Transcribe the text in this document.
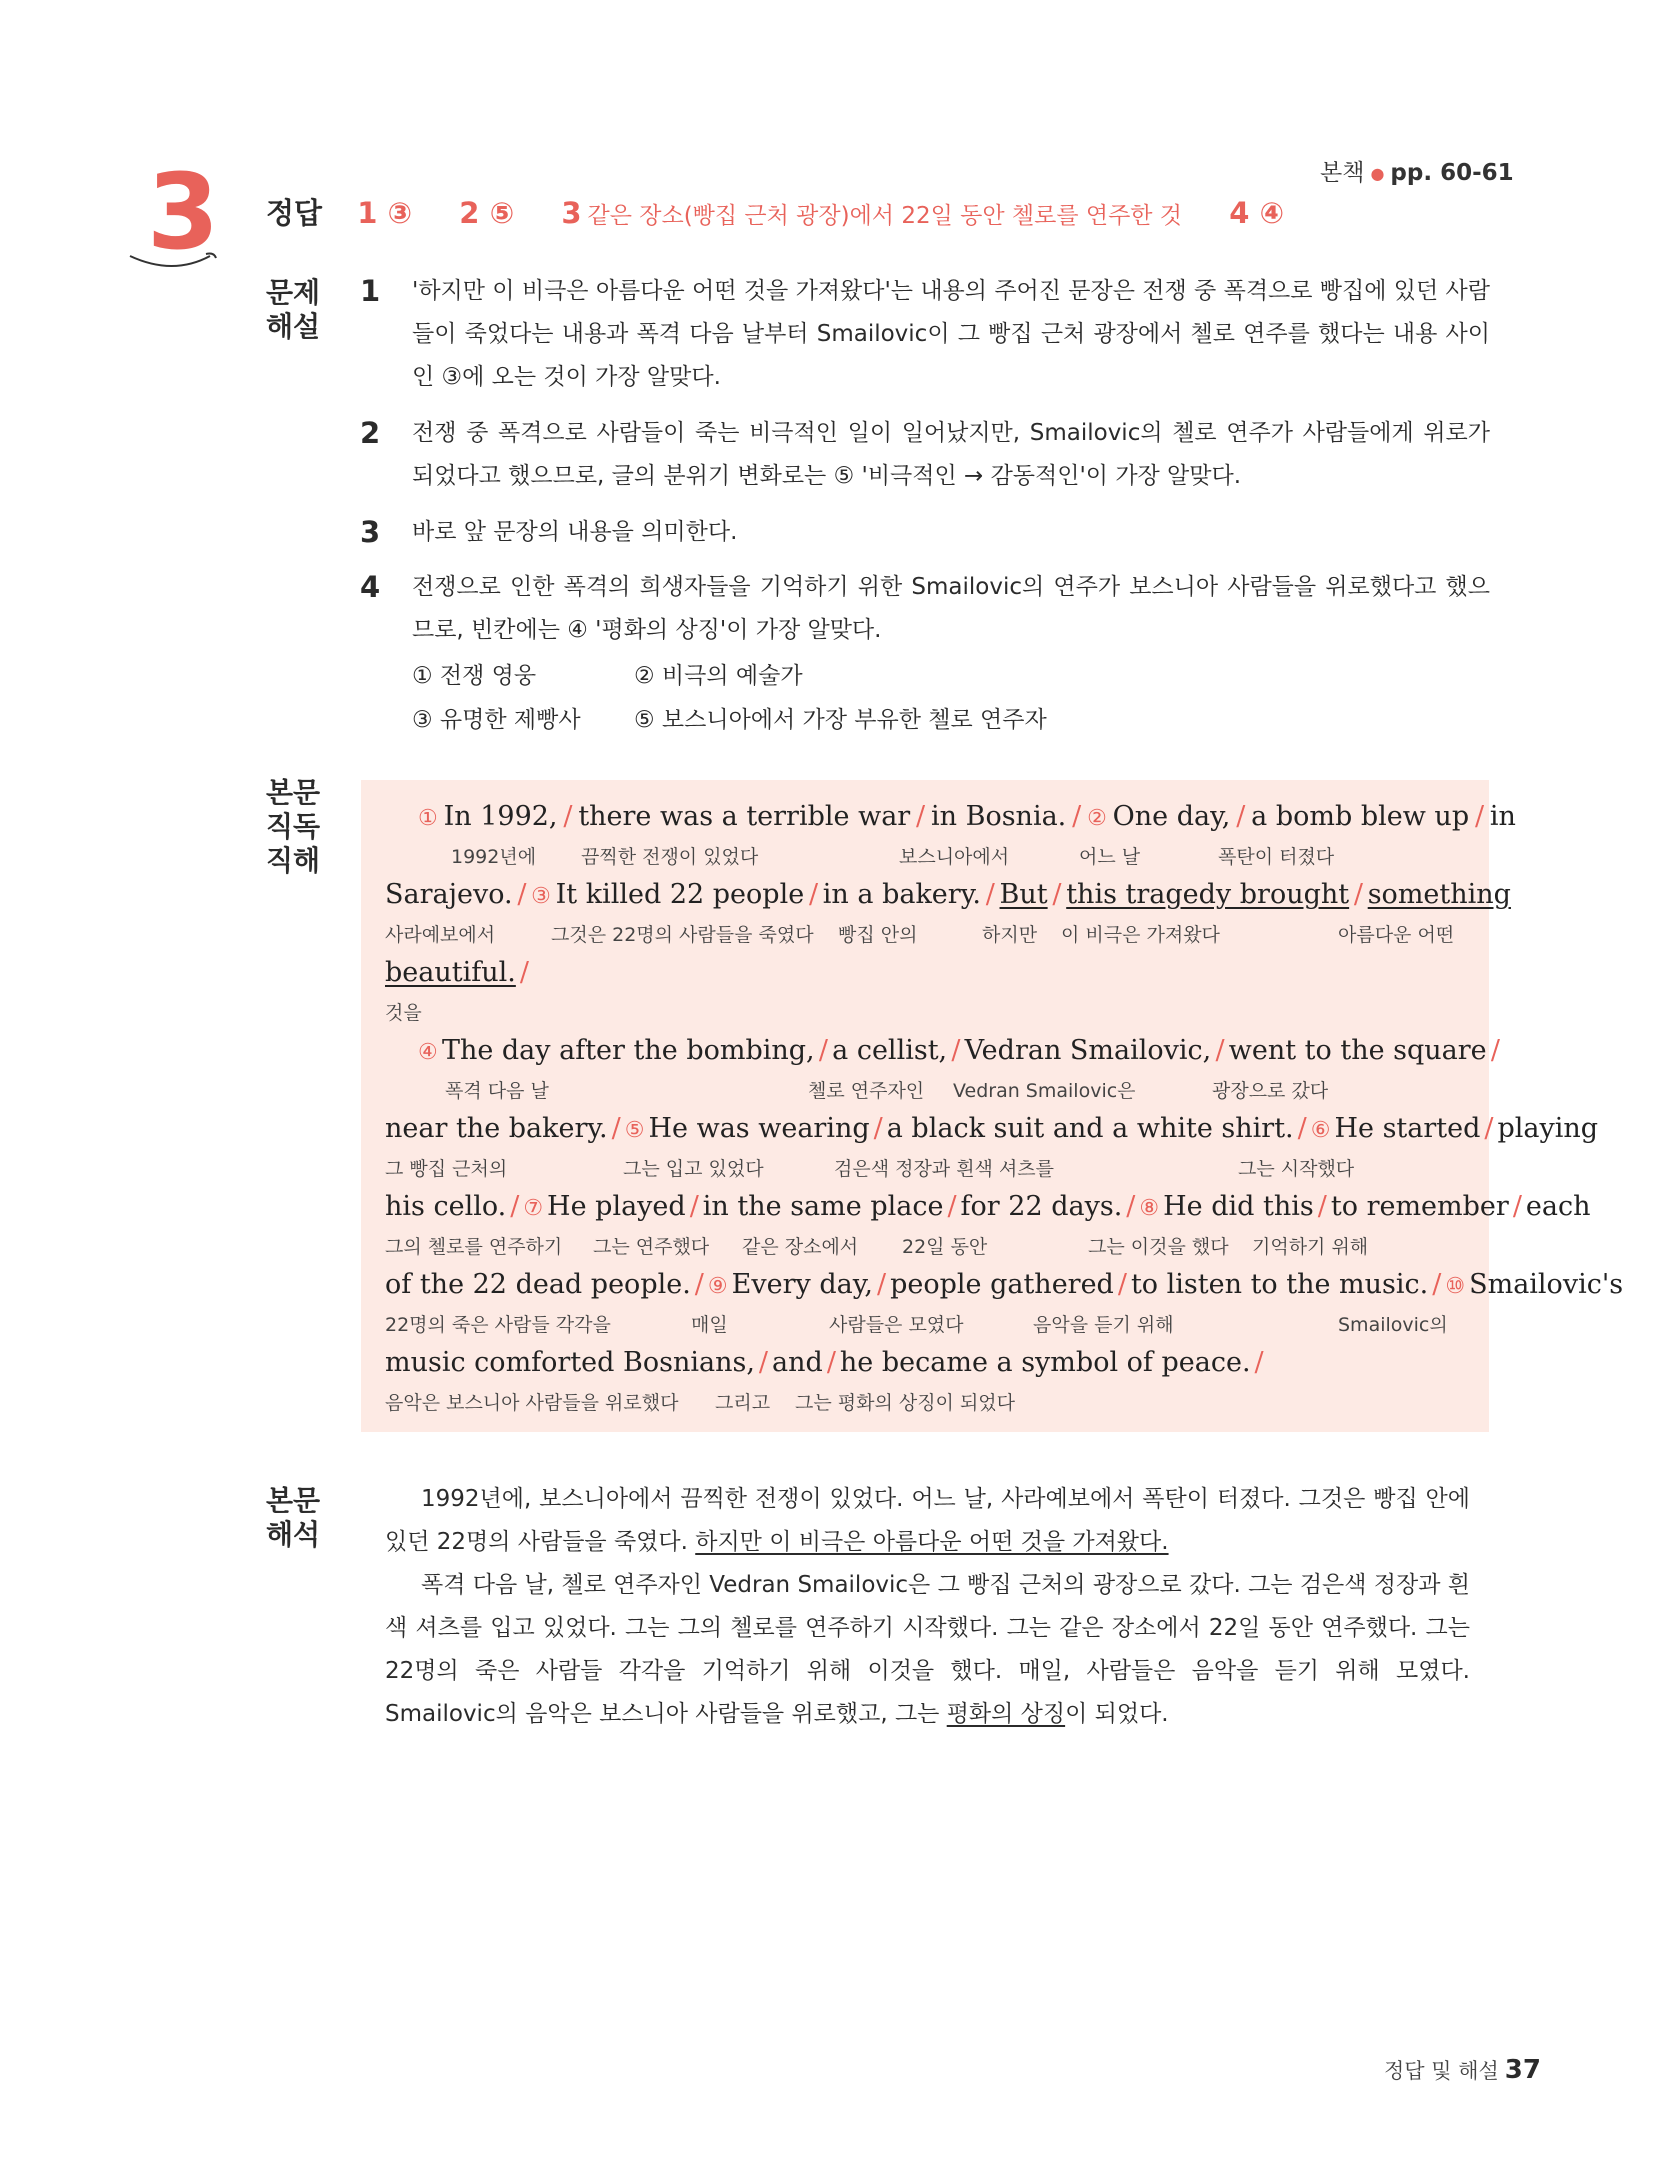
본책 ● pp. 60-61
3	정답 1 ③ 2 ⑤ 3 같은 장소(빵집 근처 광장)에서 22일 동안 첼로를 연주한 것 4 ④
문제
해설
1 '하지만 이 비극은 아름다운 어떤 것을 가져왔다'는 내용의 주어진 문장은 전쟁 중 폭격으로 빵집에 있던 사람들이 죽었다는 내용과 폭격 다음 날부터 Smailovic이 그 빵집 근처 광장에서 첼로 연주를 했다는 내용 사이인 ③에 오는 것이 가장 알맞다.
2 전쟁 중 폭격으로 사람들이 죽는 비극적인 일이 일어났지만, Smailovic의 첼로 연주가 사람들에게 위로가 되었다고 했으므로, 글의 분위기 변화로는 ⑤ '비극적인 → 감동적인'이 가장 알맞다.
3 바로 앞 문장의 내용을 의미한다.
4 전쟁으로 인한 폭격의 희생자들을 기억하기 위한 Smailovic의 연주가 보스니아 사람들을 위로했다고 했으므로, 빈칸에는 ④ '평화의 상징'이 가장 알맞다.
① 전쟁 영웅	② 비극의 예술가
③ 유명한 제빵사 ⑤ 보스니아에서 가장 부유한 첼로 연주자
본문
직독
직해
① In 1992, / there was a terrible war / in Bosnia. / ② One day, / a bomb blew up / in
1992년에 끔찍한 전쟁이 있었다	보스니아에서	어느 날	폭탄이 터졌다
Sarajevo. / ③ It killed 22 people / in a bakery. / But / this tragedy brought / something
사라예보에서	그것은 22명의 사람들을 죽였다 빵집 안의	하지만 이 비극은 가져왔다	아름다운 어떤
beautiful. /
것을
④ The day after the bombing, / a cellist, / Vedran Smailovic, / went to the square /
폭격 다음 날	첼로 연주자인 Vedran Smailovic은	광장으로 갔다
near the bakery. / ⑤ He was wearing / a black suit and a white shirt. / ⑥ He started / playing
그 빵집 근처의	그는 입고 있었다	검은색 정장과 흰색 셔츠를	그는 시작했다
his cello. / ⑦ He played / in the same place / for 22 days. / ⑧ He did this / to remember / each
그의 첼로를 연주하기 그는 연주했다 같은 장소에서 22일 동안	그는 이것을 했다 기억하기 위해
of the 22 dead people. / ⑨ Every day, / people gathered / to listen to the music. / ⑩ Smailovic's
22명의 죽은 사람들 각각을	매일	사람들은 모였다	음악을 듣기 위해	Smailovic의
music comforted Bosnians, / and / he became a symbol of peace. /
음악은 보스니아 사람들을 위로했다 그리고 그는 평화의 상징이 되었다
본문
해석
1992년에, 보스니아에서 끔찍한 전쟁이 있었다. 어느 날, 사라예보에서 폭탄이 터졌다. 그것은 빵집 안에 있던 22명의 사람들을 죽였다. 하지만 이 비극은 아름다운 어떤 것을 가져왔다.
폭격 다음 날, 첼로 연주자인 Vedran Smailovic은 그 빵집 근처의 광장으로 갔다. 그는 검은색 정장과 흰색 셔츠를 입고 있었다. 그는 그의 첼로를 연주하기 시작했다. 그는 같은 장소에서 22일 동안 연주했다. 그는 22명의 죽은 사람들 각각을 기억하기 위해 이것을 했다. 매일, 사람들은 음악을 듣기 위해 모였다. Smailovic의 음악은 보스니아 사람들을 위로했고, 그는 평화의 상징이 되었다.
정답 및 해설 37
